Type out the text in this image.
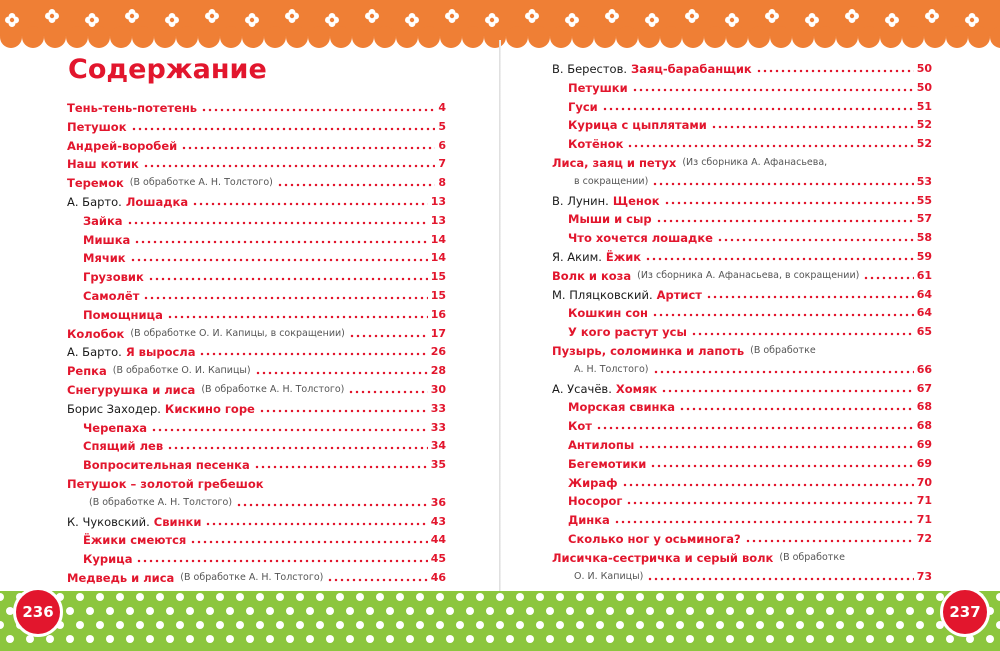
236	237
Содержание
Тень-тень-потетень	4
Петушок	5
Андрей-воробей	6
Наш котик	7
Теремок (В обработке А. Н. Толстого)	8
А. Барто. Лошадка	13
Зайка	13
Мишка	14
Мячик	14
Грузовик	15
Самолёт	15
Помощница	16
Колобок (В обработке О. И. Капицы, в сокращении)	17
А. Барто. Я выросла	26
Репка (В обработке О. И. Капицы)	28
Снегурушка и лиса (В обработке А. Н. Толстого)	30
Борис Заходер. Кискино горе	33
Черепаха	33
Спящий лев	34
Вопросительная песенка	35
Петушок – золотой гребешок
(В обработке А. Н. Толстого)	36
К. Чуковский. Свинки	43
Ёжики смеются	44
Курица	45
Медведь и лиса (В обработке А. Н. Толстого)	46
В. Берестов. Заяц-барабанщик	50
Петушки	50
Гуси	51
Курица с цыплятами	52
Котёнок	52
Лиса, заяц и петух (Из сборника А. Афанасьева,
в сокращении)	53
В. Лунин. Щенок	55
Мыши и сыр	57
Что хочется лошадке	58
Я. Аким. Ёжик	59
Волк и коза (Из сборника А. Афанасьева, в сокращении)	61
М. Пляцковский. Артист	64
Кошкин сон	64
У кого растут усы	65
Пузырь, соломинка и лапоть (В обработке
А. Н. Толстого)	66
А. Усачёв. Хомяк	67
Морская свинка	68
Кот	68
Антилопы	69
Бегемотики	69
Жираф	70
Носорог	71
Динка	71
Сколько ног у осьминога?	72
Лисичка-сестричка и серый волк (В обработке
О. И. Капицы)	73
